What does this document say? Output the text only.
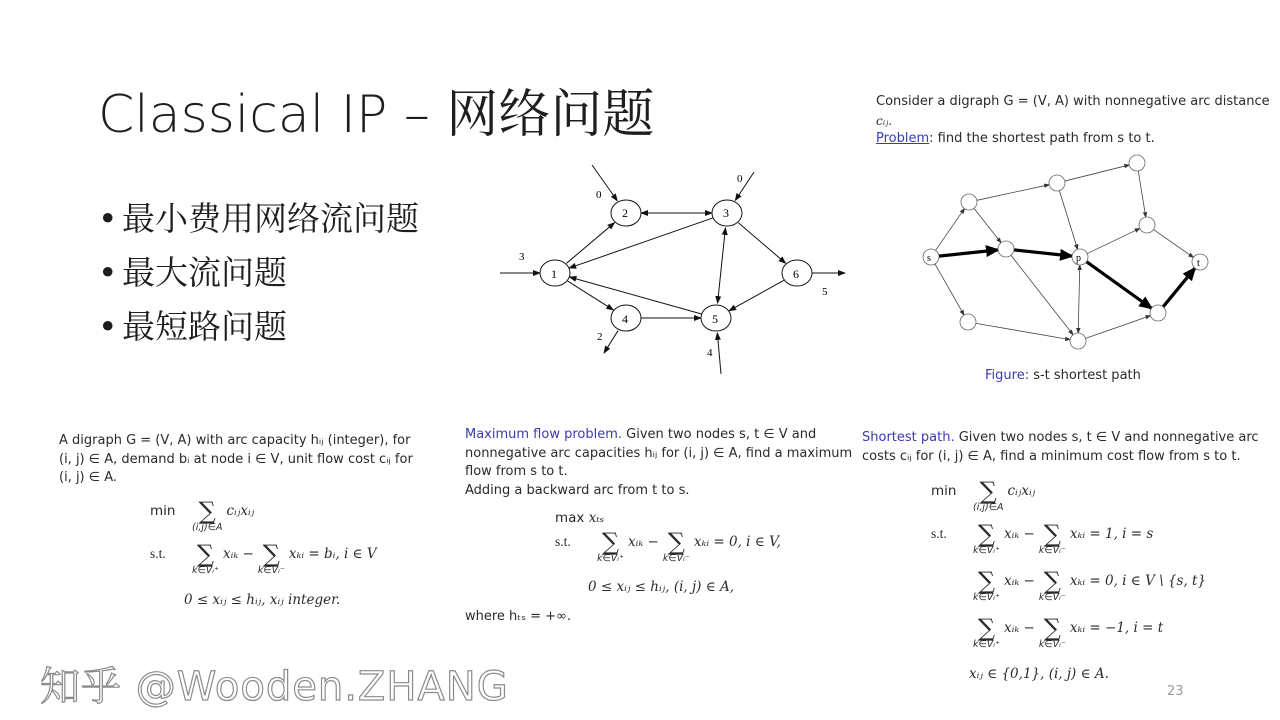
Classical IP – 网络问题
• 最小费用网络流问题
• 最大流问题
• 最短路问题
1
2	3
4	5
6
3
0
0
5
2
4
s	p	t
Consider a digraph G = (V, A) with nonnegative arc distance
cᵢⱼ.
Problem: find the shortest path from s to t.
Figure: s-t shortest path
A digraph G = (V, A) with arc capacity hᵢⱼ (integer), for
(i, j) ∈ A, demand bᵢ at node i ∈ V, unit flow cost cᵢⱼ for
(i, j) ∈ A.
min ∑
(i,j)∈A
cᵢⱼxᵢⱼ
s.t. ∑
k∈Vᵢ⁺
xᵢₖ − ∑
k∈Vᵢ⁻
xₖᵢ = bᵢ, i ∈ V
0 ≤ xᵢⱼ ≤ hᵢⱼ, xᵢⱼ integer.
Maximum flow problem. Given two nodes s, t ∈ V and
nonnegative arc capacities hᵢⱼ for (i, j) ∈ A, find a maximum
flow from s to t.
Adding a backward arc from t to s.
max xₜₛ
s.t. ∑
k∈Vᵢ⁺
xᵢₖ − ∑
k∈Vᵢ⁻
xₖᵢ = 0, i ∈ V,
0 ≤ xᵢⱼ ≤ hᵢⱼ, (i, j) ∈ A,
where hₜₛ = +∞.
Shortest path. Given two nodes s, t ∈ V and nonnegative arc
costs cᵢⱼ for (i, j) ∈ A, find a minimum cost flow from s to t.
min ∑
(i,j)∈A
cᵢⱼxᵢⱼ
s.t. ∑
k∈Vᵢ⁺
xᵢₖ − ∑
k∈Vᵢ⁻
xₖᵢ = 1, i = s
∑
k∈Vᵢ⁺
xᵢₖ − ∑
k∈Vᵢ⁻
xₖᵢ = 0, i ∈ V \ {s, t}
∑
k∈Vᵢ⁺
xᵢₖ − ∑
k∈Vᵢ⁻
xₖᵢ = −1, i = t
xᵢⱼ ∈ {0,1}, (i, j) ∈ A.
知乎 @Wooden.ZHANG	23
